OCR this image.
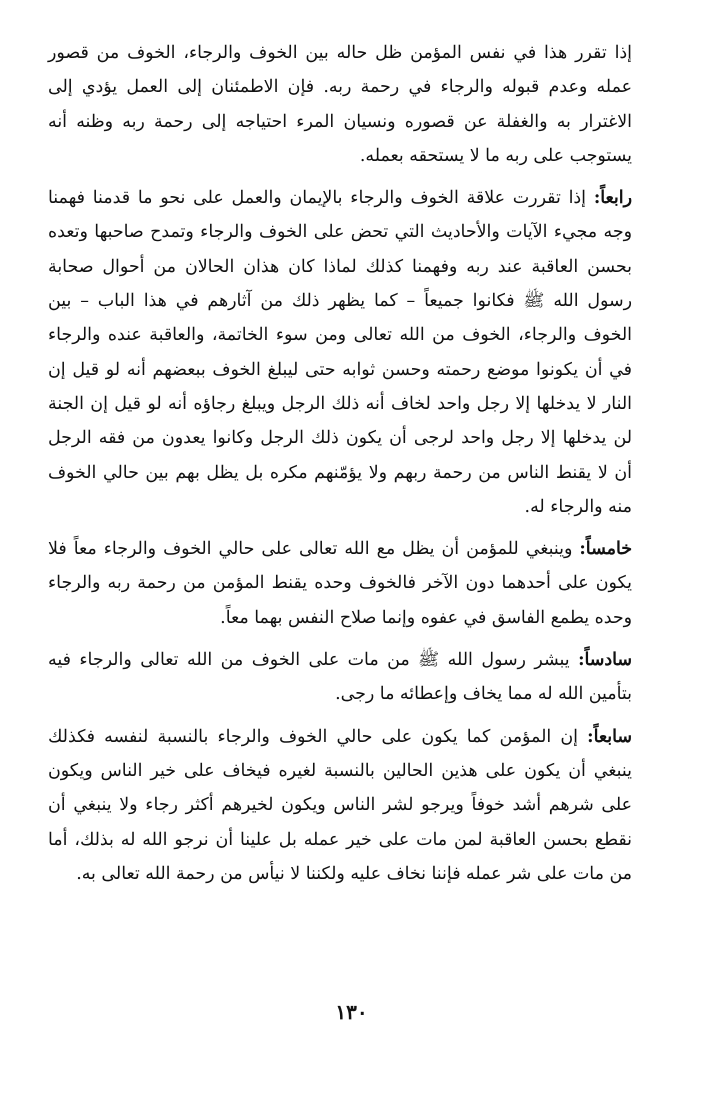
إذا تقرر هذا في نفس المؤمن ظل حاله بين الخوف والرجاء، الخوف من قصور عمله وعدم قبوله والرجاء في رحمة ربه. فإن الاطمئنان إلى العمل يؤدي إلى الاغترار به والغفلة عن قصوره ونسيان المرء احتياجه إلى رحمة ربه وظنه أنه يستوجب على ربه ما لا يستحقه بعمله.

رابعاً: إذا تقررت علاقة الخوف والرجاء بالإيمان والعمل على نحو ما قدمنا فهمنا وجه مجيء الآيات والأحاديث التي تحض على الخوف والرجاء وتمدح صاحبها وتعده بحسن العاقبة عند ربه وفهمنا كذلك لماذا كان هذان الحالان من أحوال صحابة رسول الله ﷺ فكانوا جميعاً – كما يظهر ذلك من آثارهم في هذا الباب – بين الخوف والرجاء، الخوف من الله تعالى ومن سوء الخاتمة، والعاقبة عنده والرجاء في أن يكونوا موضع رحمته وحسن ثوابه حتى ليبلغ الخوف ببعضهم أنه لو قيل إن النار لا يدخلها إلا رجل واحد لخاف أنه ذلك الرجل ويبلغ رجاؤه أنه لو قيل إن الجنة لن يدخلها إلا رجل واحد لرجى أن يكون ذلك الرجل وكانوا يعدون من فقه الرجل أن لا يقنط الناس من رحمة ربهم ولا يؤمّنهم مكره بل يظل بهم بين حالي الخوف منه والرجاء له.

خامساً: وينبغي للمؤمن أن يظل مع الله تعالى على حالي الخوف والرجاء معاً فلا يكون على أحدهما دون الآخر فالخوف وحده يقنط المؤمن من رحمة ربه والرجاء وحده يطمع الفاسق في عفوه وإنما صلاح النفس بهما معاً.

سادساً: يبشر رسول الله ﷺ من مات على الخوف من الله تعالى والرجاء فيه بتأمين الله له مما يخاف وإعطائه ما رجى.

سابعاً: إن المؤمن كما يكون على حالي الخوف والرجاء بالنسبة لنفسه فكذلك ينبغي أن يكون على هذين الحالين بالنسبة لغيره فيخاف على خير الناس ويكون على شرهم أشد خوفاً ويرجو لشر الناس ويكون لخيرهم أكثر رجاء ولا ينبغي أن نقطع بحسن العاقبة لمن مات على خير عمله بل علينا أن نرجو الله له بذلك، أما من مات على شر عمله فإننا نخاف عليه ولكننا لا نيأس من رحمة الله تعالى به.

١٣٠
